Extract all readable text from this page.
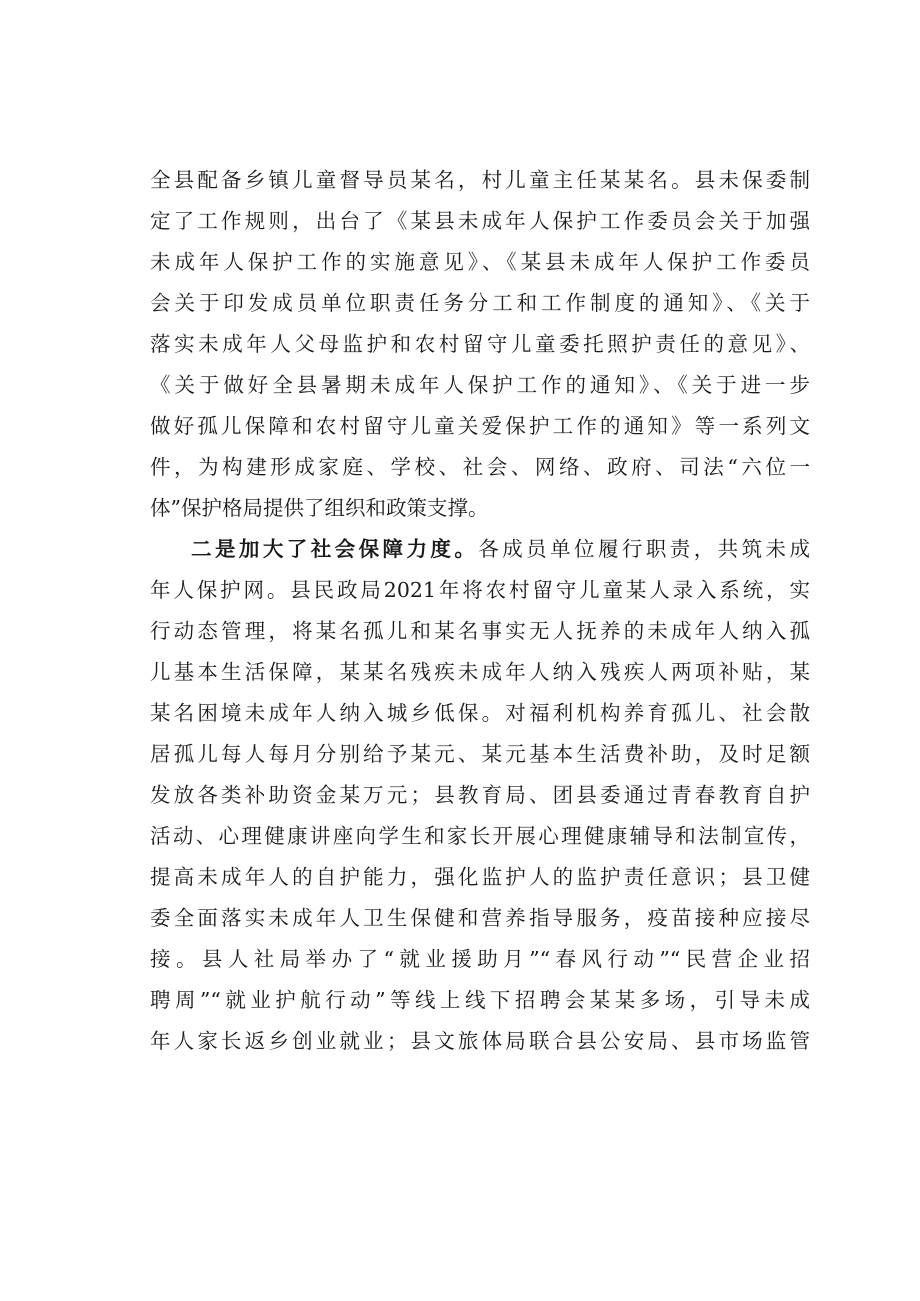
全县配备乡镇儿童督导员某名，村儿童主任某某名。县未保委制
定了工作规则，出台了《某县未成年人保护工作委员会关于加强
未成年人保护工作的实施意见》、《某县未成年人保护工作委员
会关于印发成员单位职责任务分工和工作制度的通知》、《关于
落实未成年人父母监护和农村留守儿童委托照护责任的意见》、
《关于做好全县暑期未成年人保护工作的通知》、《关于进一步
做好孤儿保障和农村留守儿童关爱保护工作的通知》等一系列文
件，为构建形成家庭、学校、社会、网络、政府、司法“六位一
体”保护格局提供了组织和政策支撑。
二是加大了社会保障力度。各成员单位履行职责，共筑未成
年人保护网。县民政局2021年将农村留守儿童某人录入系统，实
行动态管理，将某名孤儿和某名事实无人抚养的未成年人纳入孤
儿基本生活保障，某某名残疾未成年人纳入残疾人两项补贴，某
某名困境未成年人纳入城乡低保。对福利机构养育孤儿、社会散
居孤儿每人每月分别给予某元、某元基本生活费补助，及时足额
发放各类补助资金某万元；县教育局、团县委通过青春教育自护
活动、心理健康讲座向学生和家长开展心理健康辅导和法制宣传，
提高未成年人的自护能力，强化监护人的监护责任意识；县卫健
委全面落实未成年人卫生保健和营养指导服务，疫苗接种应接尽
接。县人社局举办了“就业援助月”“春风行动”“民营企业招
聘周”“就业护航行动”等线上线下招聘会某某多场，引导未成
年人家长返乡创业就业；县文旅体局联合县公安局、县市场监管
